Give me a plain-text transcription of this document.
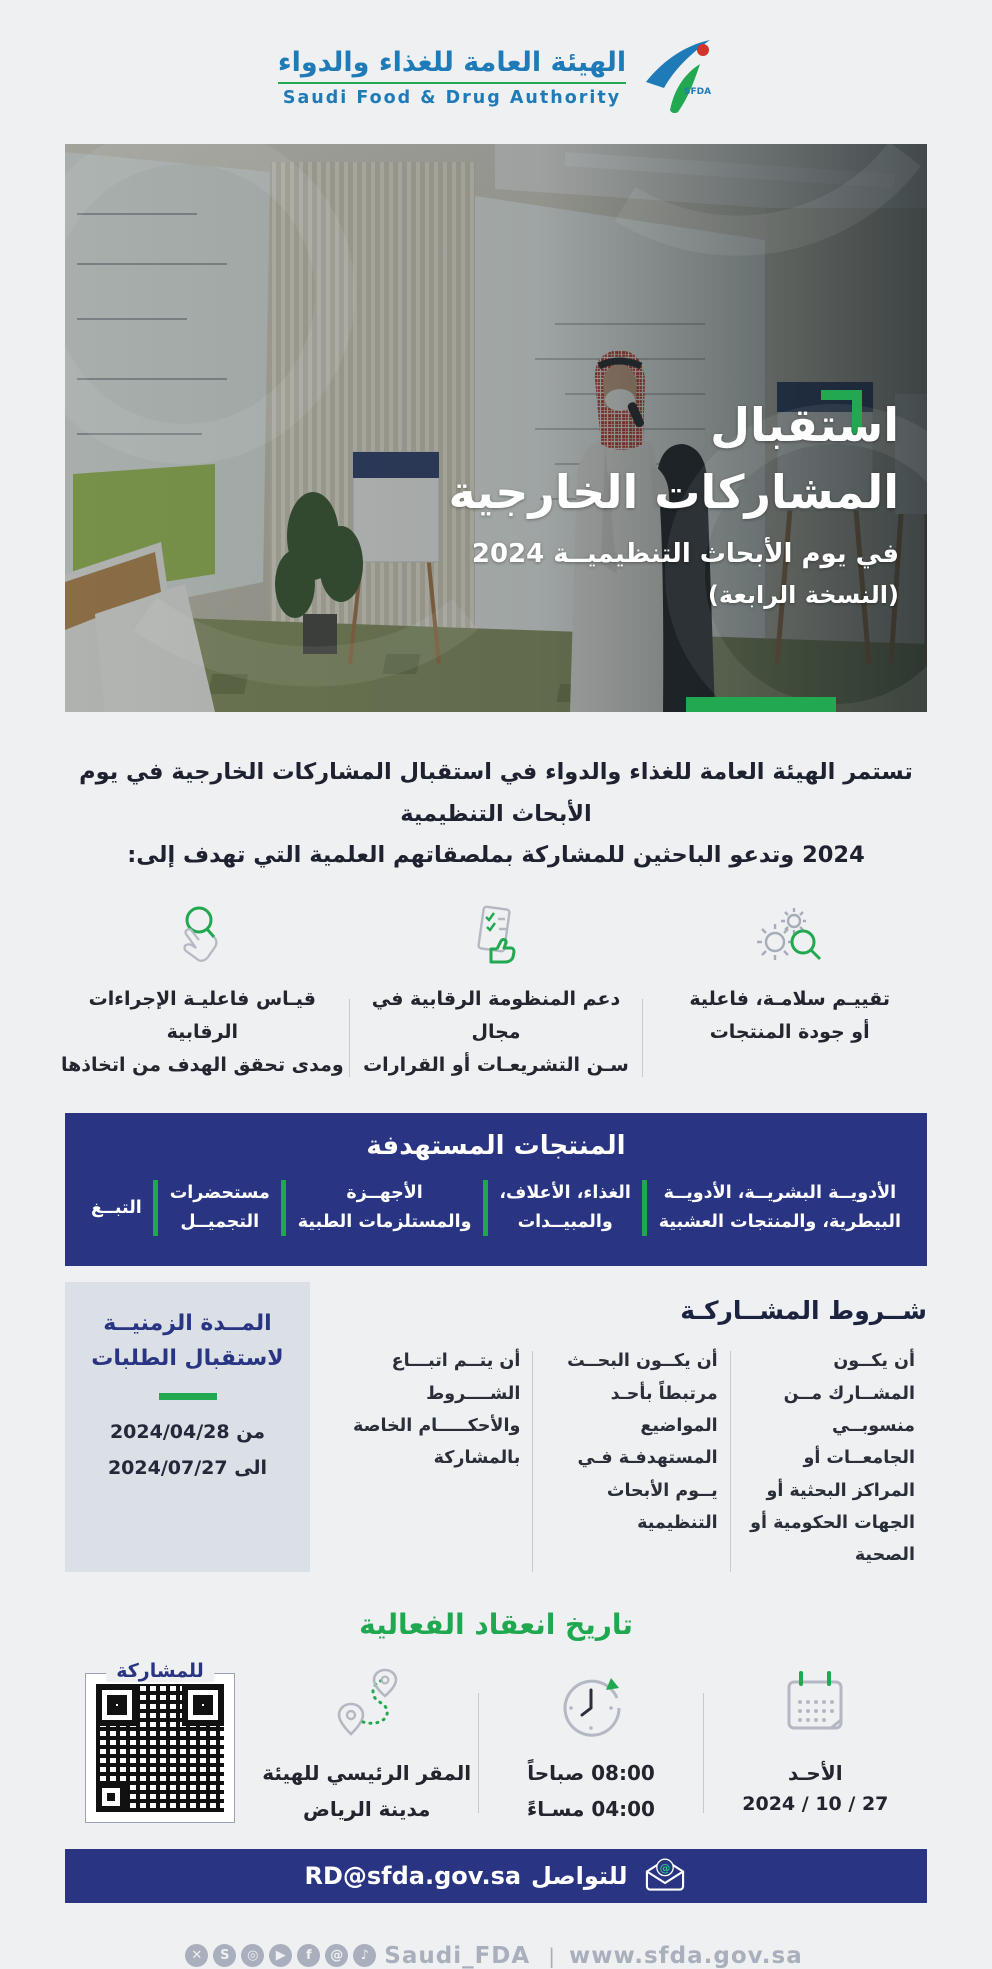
الهيئة العامة للغذاء والدواء
Saudi Food & Drug Authority	SFDA
استقبال
المشاركات الخارجية
في يوم الأبحاث التنظيميــة 2024
(النسخة الرابعة)
تستمر الهيئة العامة للغذاء والدواء في استقبال المشاركات الخارجية في يوم الأبحاث التنظيمية
2024 وتدعو الباحثين للمشاركة بملصقاتهم العلمية التي تهدف إلى:
تقييـم سلامـة، فاعلية
أو جودة المنتجات
دعم المنظومة الرقابية في مجال
سـن التشريعـات أو القرارات
قيـاس فاعليـة الإجراءات الرقابية
ومدى تحقق الهدف من اتخاذها
المنتجات المستهدفة
الأدويــة البشريــة، الأدويــة
البيطرية، والمنتجات العشبية
الغذاء، الأعلاف،
والمبيــدات
الأجهــزة
والمستلزمات الطبية
مستحضرات
التجميــل
التبــغ
شــروط المشــاركـة
أن يكــون المشــارك مــن منسوبــي الجامعــات أو المراكز البحثية أو الجهات الحكومية أو الصحية
أن يكــون البحــث مرتبطاً بأحـد المواضيع المستهدفـة فـي يــوم الأبحاث التنظيمية
أن يتــم اتبـــاع الشــــروط والأحكـــــام الخاصة بالمشاركة
المــدة الزمنيــة
لاستقبال الطلبات
من 2024/04/28
الى 2024/07/27
تاريخ انعقاد الفعالية
الأحـد
27 / 10 / 2024
08:00 صباحاً
04:00 مسـاءً
المقر الرئيسي للهيئة
مدينة الرياض
للمشاركة
@
للتواصل
RD@sfda.gov.sa
✕	S	◎	▶	f	@	♪ Saudi_FDA | www.sfda.gov.sa
